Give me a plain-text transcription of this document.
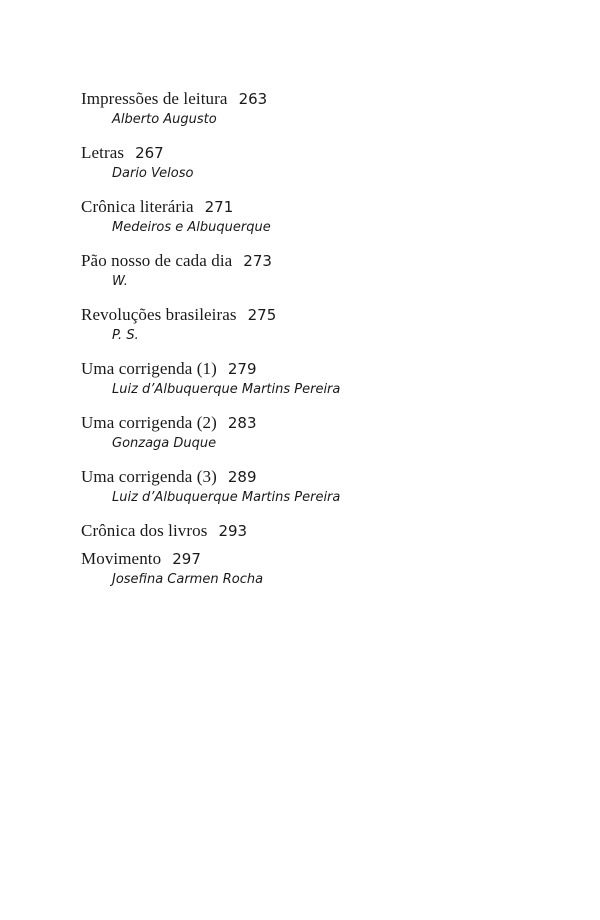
Impressões de leitura 263
Alberto Augusto
Letras 267
Dario Veloso
Crônica literária 271
Medeiros e Albuquerque
Pão nosso de cada dia 273
W.
Revoluções brasileiras 275
P. S.
Uma corrigenda (1) 279
Luiz d’Albuquerque Martins Pereira
Uma corrigenda (2) 283
Gonzaga Duque
Uma corrigenda (3) 289
Luiz d’Albuquerque Martins Pereira
Crônica dos livros 293
Movimento 297
Josefina Carmen Rocha
